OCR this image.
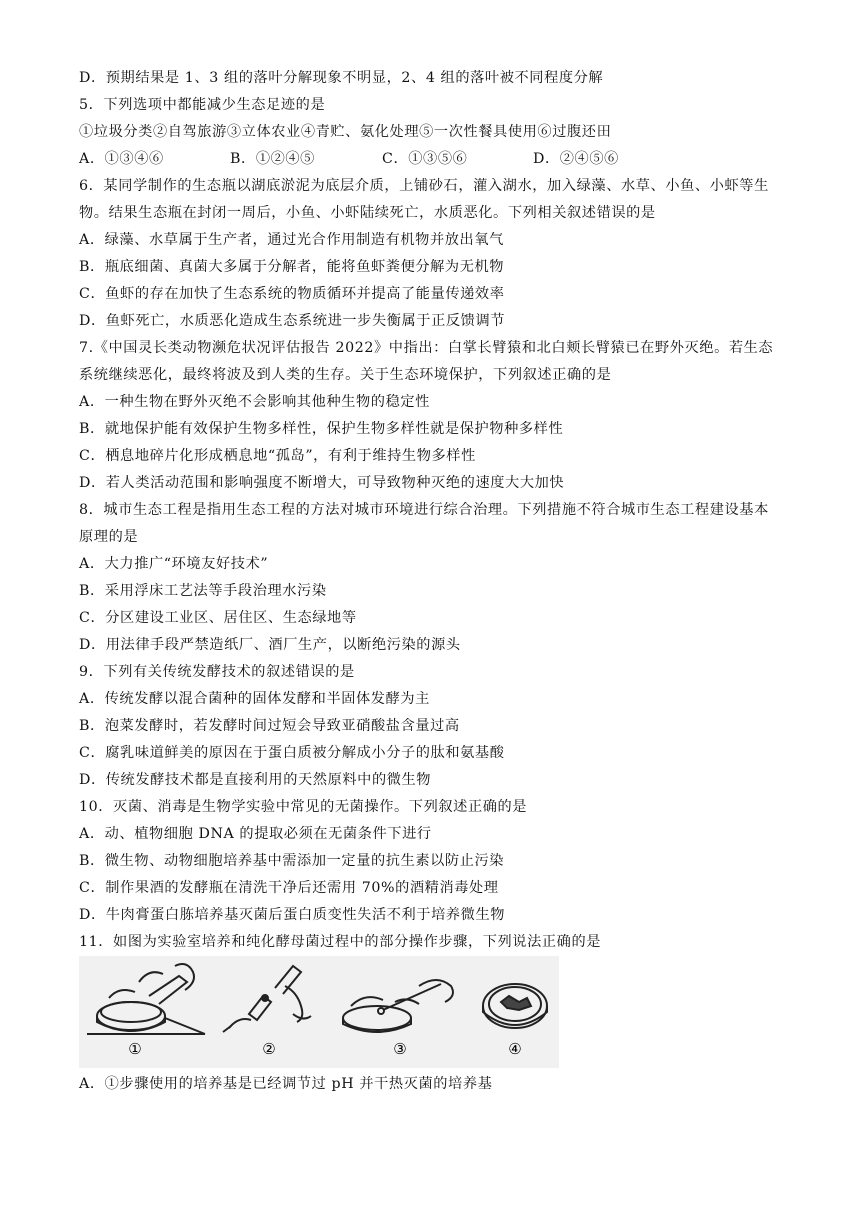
D．预期结果是 1、3 组的落叶分解现象不明显，2、4 组的落叶被不同程度分解
5．下列选项中都能减少生态足迹的是
①垃圾分类②自驾旅游③立体农业④青贮、氨化处理⑤一次性餐具使用⑥过腹还田
A．①③④⑥	B．①②④⑤	C．①③⑤⑥	D．②④⑤⑥
6．某同学制作的生态瓶以湖底淤泥为底层介质，上铺砂石，灌入湖水，加入绿藻、水草、小鱼、小虾等生
物。结果生态瓶在封闭一周后，小鱼、小虾陆续死亡，水质恶化。下列相关叙述错误的是
A．绿藻、水草属于生产者，通过光合作用制造有机物并放出氧气
B．瓶底细菌、真菌大多属于分解者，能将鱼虾粪便分解为无机物
C．鱼虾的存在加快了生态系统的物质循环并提高了能量传递效率
D．鱼虾死亡，水质恶化造成生态系统进一步失衡属于正反馈调节
7.《中国灵长类动物濒危状况评估报告 2022》中指出：白掌长臂猿和北白颊长臂猿已在野外灭绝。若生态
系统继续恶化，最终将波及到人类的生存。关于生态环境保护，下列叙述正确的是
A．一种生物在野外灭绝不会影响其他种生物的稳定性
B．就地保护能有效保护生物多样性，保护生物多样性就是保护物种多样性
C．栖息地碎片化形成栖息地“孤岛”，有利于维持生物多样性
D．若人类活动范围和影响强度不断增大，可导致物种灭绝的速度大大加快
8．城市生态工程是指用生态工程的方法对城市环境进行综合治理。下列措施不符合城市生态工程建设基本
原理的是
A．大力推广“环境友好技术”
B．采用浮床工艺法等手段治理水污染
C．分区建设工业区、居住区、生态绿地等
D．用法律手段严禁造纸厂、酒厂生产，以断绝污染的源头
9．下列有关传统发酵技术的叙述错误的是
A．传统发酵以混合菌种的固体发酵和半固体发酵为主
B．泡菜发酵时，若发酵时间过短会导致亚硝酸盐含量过高
C．腐乳味道鲜美的原因在于蛋白质被分解成小分子的肽和氨基酸
D．传统发酵技术都是直接利用的天然原料中的微生物
10．灭菌、消毒是生物学实验中常见的无菌操作。下列叙述正确的是
A．动、植物细胞 DNA 的提取必须在无菌条件下进行
B．微生物、动物细胞培养基中需添加一定量的抗生素以防止污染
C．制作果酒的发酵瓶在清洗干净后还需用 70%的酒精消毒处理
D．牛肉膏蛋白胨培养基灭菌后蛋白质变性失活不利于培养微生物
11．如图为实验室培养和纯化酵母菌过程中的部分操作步骤，下列说法正确的是
①	②	③	④
A．①步骤使用的培养基是已经调节过 pH 并干热灭菌的培养基
